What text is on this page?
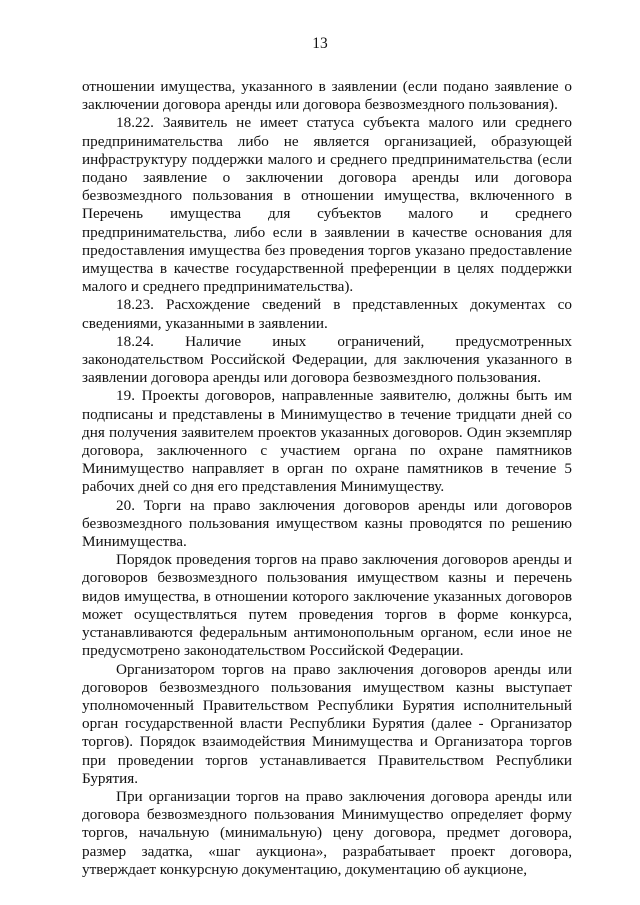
13

отношении имущества, указанного в заявлении (если подано заявление о заключении договора аренды или договора безвозмездного пользования).

18.22. Заявитель не имеет статуса субъекта малого или среднего предпринимательства либо не является организацией, образующей инфраструктуру поддержки малого и среднего предпринимательства (если подано заявление о заключении договора аренды или договора безвозмездного пользования в отношении имущества, включенного в Перечень имущества для субъектов малого и среднего предпринимательства, либо если в заявлении в качестве основания для предоставления имущества без проведения торгов указано предоставление имущества в качестве государственной преференции в целях поддержки малого и среднего предпринимательства).

18.23. Расхождение сведений в представленных документах со сведениями, указанными в заявлении.

18.24. Наличие иных ограничений, предусмотренных законодательством Российской Федерации, для заключения указанного в заявлении договора аренды или договора безвозмездного пользования.

19. Проекты договоров, направленные заявителю, должны быть им подписаны и представлены в Минимущество в течение тридцати дней со дня получения заявителем проектов указанных договоров. Один экземпляр договора, заключенного с участием органа по охране памятников Минимущество направляет в орган по охране памятников в течение 5 рабочих дней со дня его представления Минимуществу.

20. Торги на право заключения договоров аренды или договоров безвозмездного пользования имуществом казны проводятся по решению Минимущества.

Порядок проведения торгов на право заключения договоров аренды и договоров безвозмездного пользования имуществом казны и перечень видов имущества, в отношении которого заключение указанных договоров может осуществляться путем проведения торгов в форме конкурса, устанавливаются федеральным антимонопольным органом, если иное не предусмотрено законодательством Российской Федерации.

Организатором торгов на право заключения договоров аренды или договоров безвозмездного пользования имуществом казны выступает уполномоченный Правительством Республики Бурятия исполнительный орган государственной власти Республики Бурятия (далее - Организатор торгов). Порядок взаимодействия Минимущества и Организатора торгов при проведении торгов устанавливается Правительством Республики Бурятия.

При организации торгов на право заключения договора аренды или договора безвозмездного пользования Минимущество определяет форму торгов, начальную (минимальную) цену договора, предмет договора, размер задатка, «шаг аукциона», разрабатывает проект договора, утверждает конкурсную документацию, документацию об аукционе,
